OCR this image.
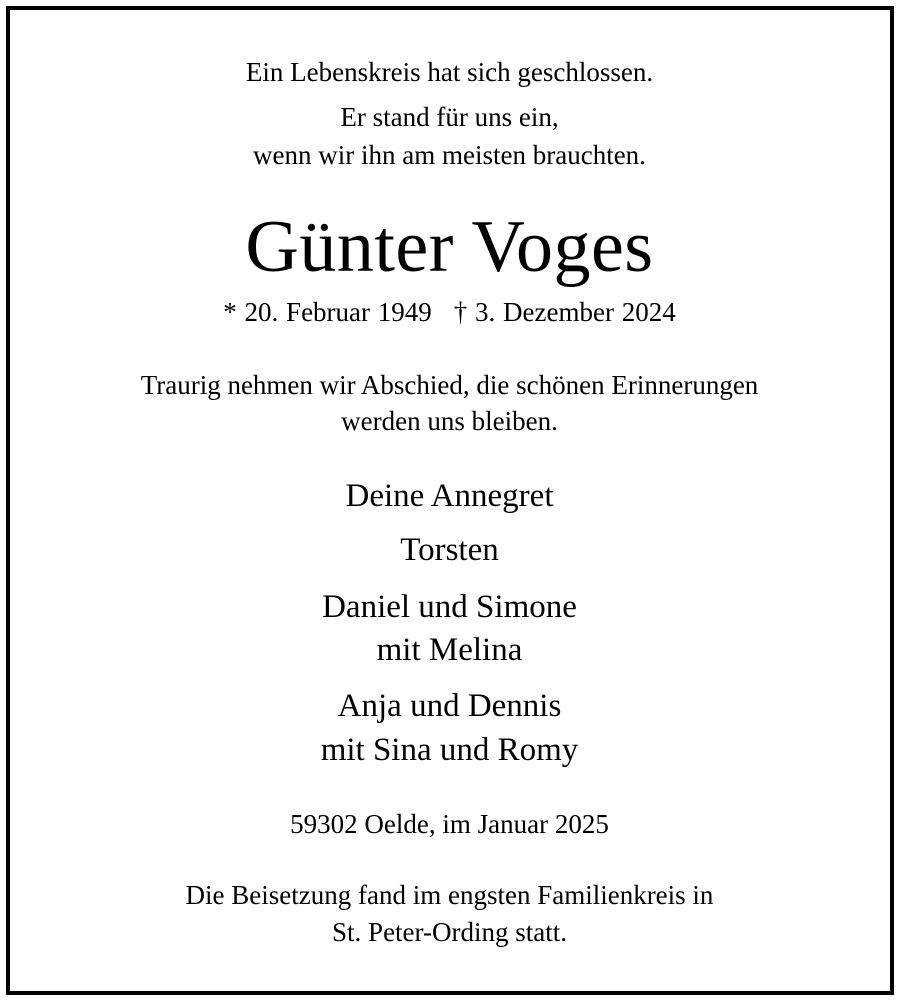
Ein Lebenskreis hat sich geschlossen.
Er stand für uns ein,
wenn wir ihn am meisten brauchten.
Günter Voges
* 20. Februar 1949 † 3. Dezember 2024
Traurig nehmen wir Abschied, die schönen Erinnerungen
werden uns bleiben.
Deine Annegret
Torsten
Daniel und Simone
mit Melina
Anja und Dennis
mit Sina und Romy
59302 Oelde, im Januar 2025
Die Beisetzung fand im engsten Familienkreis in
St. Peter-Ording statt.
